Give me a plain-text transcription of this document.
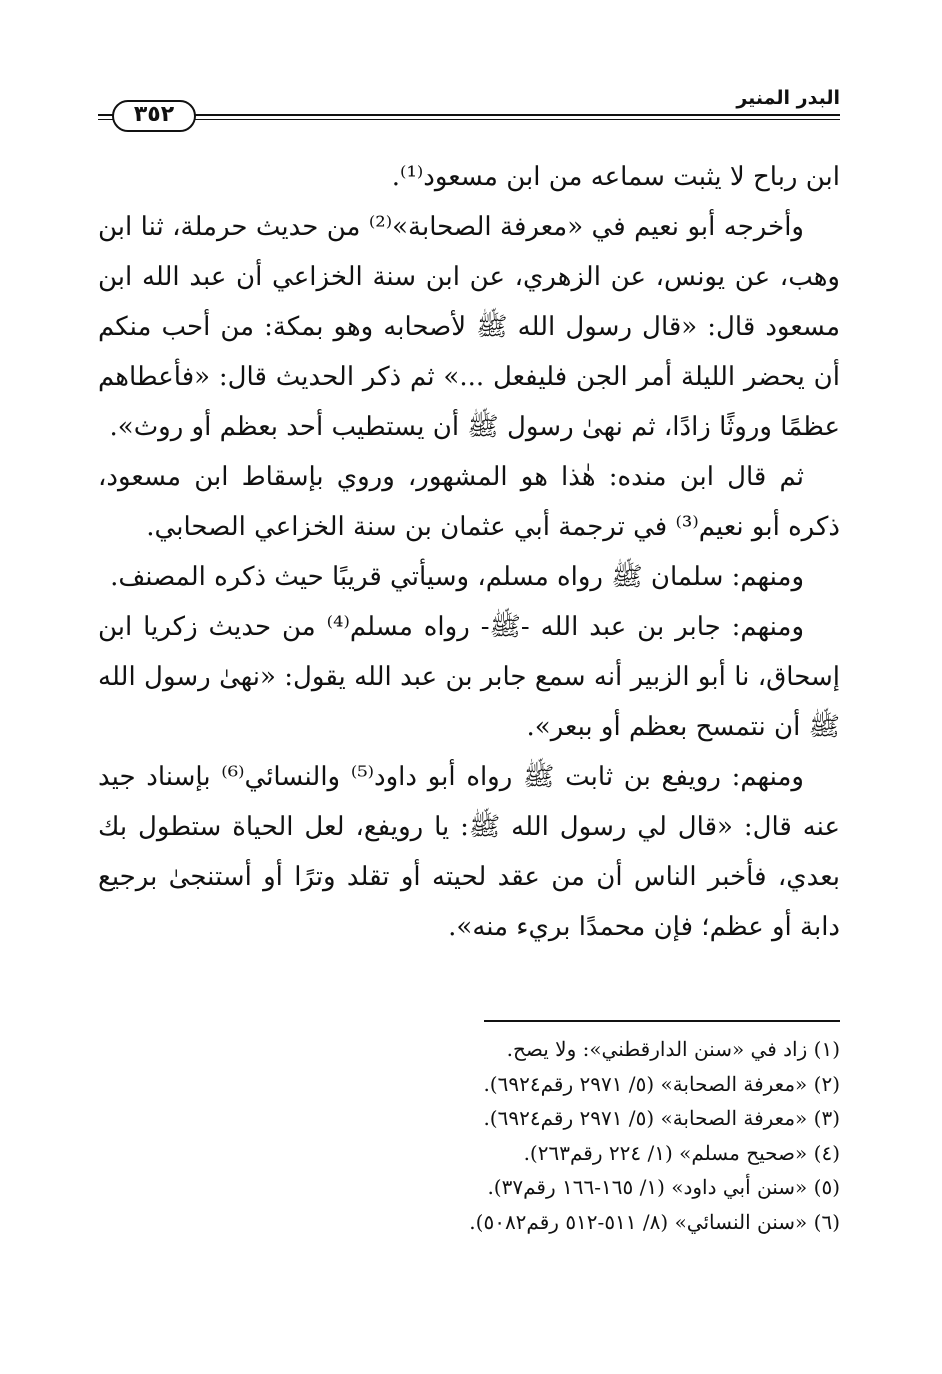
البدر المنير
٣٥٢

ابن رباح لا يثبت سماعه من ابن مسعود⁽¹⁾.

وأخرجه أبو نعيم في «معرفة الصحابة»⁽²⁾ من حديث حرملة، ثنا ابن وهب، عن يونس، عن الزهري، عن ابن سنة الخزاعي أن عبد الله ابن مسعود قال: «قال رسول الله ﷺ لأصحابه وهو بمكة: من أحب منكم أن يحضر الليلة أمر الجن فليفعل ...» ثم ذكر الحديث قال: «فأعطاهم عظمًا وروثًا زادًا، ثم نهىٰ رسول ﷺ أن يستطيب أحد بعظم أو روث».

ثم قال ابن منده: هٰذا هو المشهور، وروي بإسقاط ابن مسعود، ذكره أبو نعيم⁽³⁾ في ترجمة أبي عثمان بن سنة الخزاعي الصحابي.

ومنهم: سلمان ﷺ رواه مسلم، وسيأتي قريبًا حيث ذكره المصنف.

ومنهم: جابر بن عبد الله -ﷺ- رواه مسلم⁽⁴⁾ من حديث زكريا ابن إسحاق، نا أبو الزبير أنه سمع جابر بن عبد الله يقول: «نهىٰ رسول الله ﷺ أن نتمسح بعظم أو ببعر».

ومنهم: رويفع بن ثابت ﷺ رواه أبو داود⁽⁵⁾ والنسائي⁽⁶⁾ بإسناد جيد عنه قال: «قال لي رسول الله ﷺ: يا رويفع، لعل الحياة ستطول بك بعدي، فأخبر الناس أن من عقد لحيته أو تقلد وترًا أو أستنجىٰ برجيع دابة أو عظم؛ فإن محمدًا بريء منه».

(١) زاد في «سنن الدارقطني»: ولا يصح.
(٢) «معرفة الصحابة» (٥/ ٢٩٧١ رقم٦٩٢٤).
(٣) «معرفة الصحابة» (٥/ ٢٩٧١ رقم٦٩٢٤).
(٤) «صحيح مسلم» (١/ ٢٢٤ رقم٢٦٣).
(٥) «سنن أبي داود» (١/ ١٦٥-١٦٦ رقم٣٧).
(٦) «سنن النسائي» (٨/ ٥١١-٥١٢ رقم٥٠٨٢).
